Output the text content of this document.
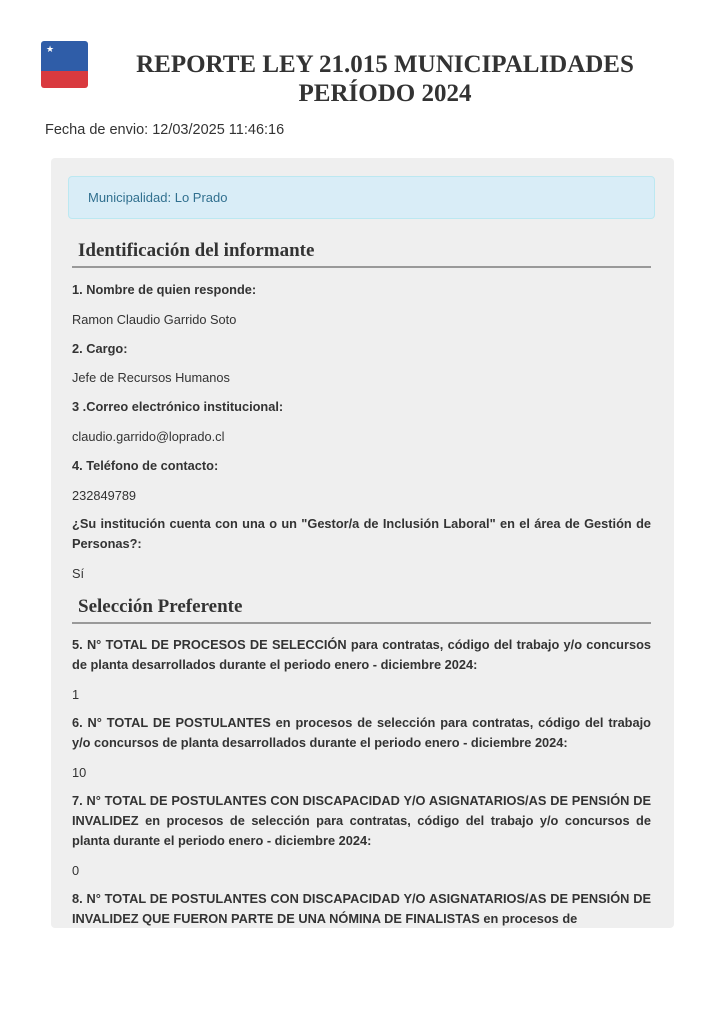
★
REPORTE LEY 21.015 MUNICIPALIDADES
PERÍODO 2024
Fecha de envio: 12/03/2025 11:46:16
Municipalidad: Lo Prado
Identificación del informante
1. Nombre de quien responde:
Ramon Claudio Garrido Soto
2. Cargo:
Jefe de Recursos Humanos
3 .Correo electrónico institucional:
claudio.garrido@loprado.cl
4. Teléfono de contacto:
232849789
¿Su institución cuenta con una o un "Gestor/a de Inclusión Laboral" en el área de Gestión de Personas?:
Sí
Selección Preferente
5. N° TOTAL DE PROCESOS DE SELECCIÓN para contratas, código del trabajo y/o concursos de planta desarrollados durante el periodo enero - diciembre 2024:
1
6. N° TOTAL DE POSTULANTES en procesos de selección para contratas, código del trabajo y/o concursos de planta desarrollados durante el periodo enero - diciembre 2024:
10
7. N° TOTAL DE POSTULANTES CON DISCAPACIDAD Y/O ASIGNATARIOS/AS DE PENSIÓN DE INVALIDEZ en procesos de selección para contratas, código del trabajo y/o concursos de planta durante el periodo enero - diciembre 2024:
0
8. N° TOTAL DE POSTULANTES CON DISCAPACIDAD Y/O ASIGNATARIOS/AS DE PENSIÓN DE INVALIDEZ QUE FUERON PARTE DE UNA NÓMINA DE FINALISTAS en procesos de
